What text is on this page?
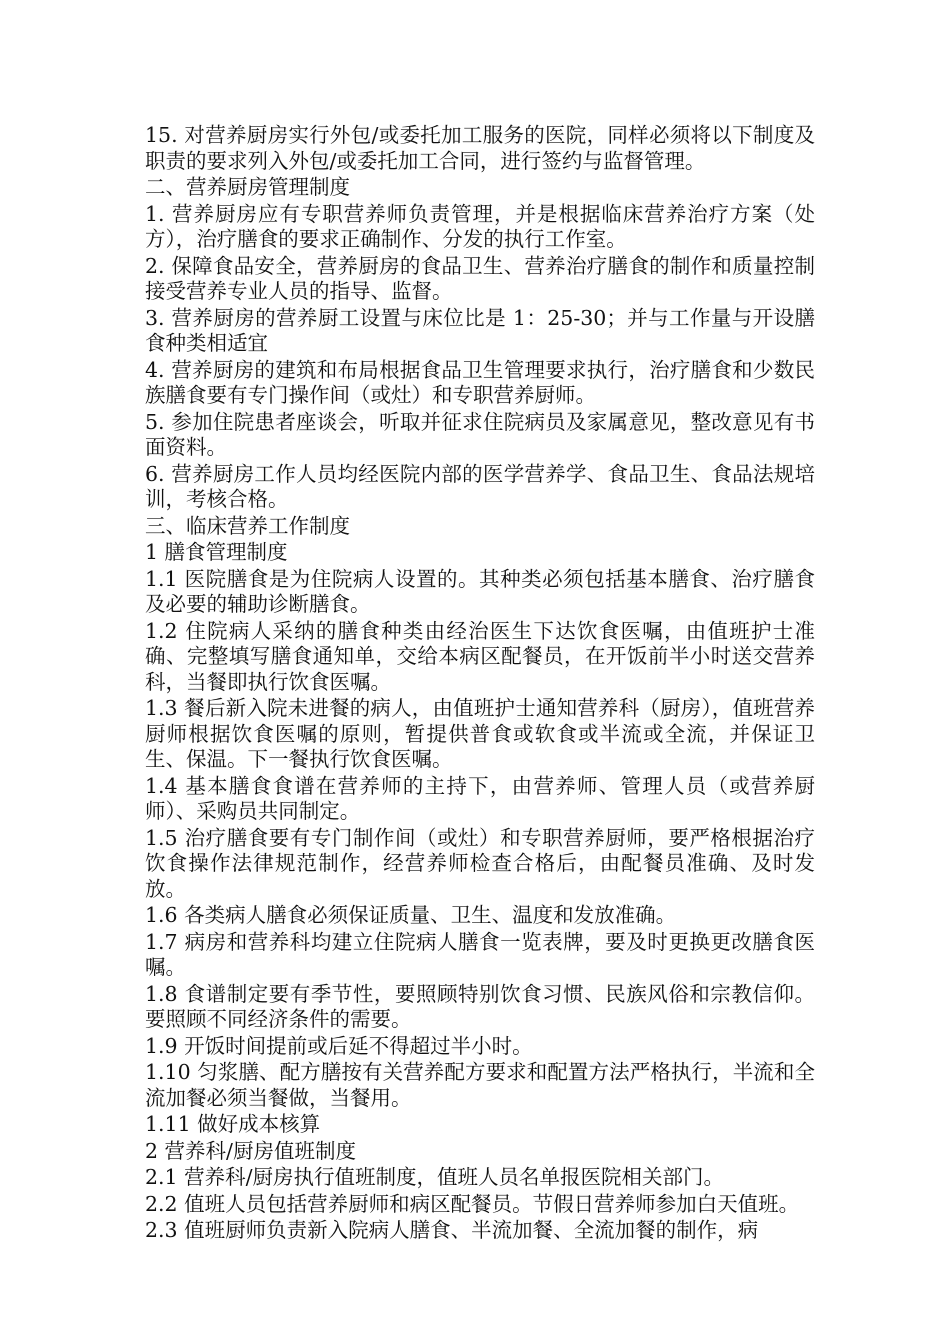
15. 对营养厨房实行外包/或委托加工服务的医院，同样必须将以下制度及职责的要求列入外包/或委托加工合同，进行签约与监督管理。

二、营养厨房管理制度

1. 营养厨房应有专职营养师负责管理，并是根据临床营养治疗方案（处方），治疗膳食的要求正确制作、分发的执行工作室。

2. 保障食品安全，营养厨房的食品卫生、营养治疗膳食的制作和质量控制接受营养专业人员的指导、监督。

3. 营养厨房的营养厨工设置与床位比是 1：25-30；并与工作量与开设膳食种类相适宜

4. 营养厨房的建筑和布局根据食品卫生管理要求执行，治疗膳食和少数民族膳食要有专门操作间（或灶）和专职营养厨师。

5. 参加住院患者座谈会，听取并征求住院病员及家属意见，整改意见有书面资料。

6. 营养厨房工作人员均经医院内部的医学营养学、食品卫生、食品法规培训，考核合格。

三、临床营养工作制度

1 膳食管理制度

1.1 医院膳食是为住院病人设置的。其种类必须包括基本膳食、治疗膳食及必要的辅助诊断膳食。

1.2 住院病人采纳的膳食种类由经治医生下达饮食医嘱，由值班护士准确、完整填写膳食通知单，交给本病区配餐员，在开饭前半小时送交营养科，当餐即执行饮食医嘱。

1.3 餐后新入院未进餐的病人，由值班护士通知营养科（厨房），值班营养厨师根据饮食医嘱的原则，暂提供普食或软食或半流或全流，并保证卫生、保温。下一餐执行饮食医嘱。

1.4 基本膳食食谱在营养师的主持下，由营养师、管理人员（或营养厨师）、采购员共同制定。

1.5 治疗膳食要有专门制作间（或灶）和专职营养厨师，要严格根据治疗饮食操作法律规范制作，经营养师检查合格后，由配餐员准确、及时发放。

1.6 各类病人膳食必须保证质量、卫生、温度和发放准确。

1.7 病房和营养科均建立住院病人膳食一览表牌，要及时更换更改膳食医嘱。

1.8 食谱制定要有季节性，要照顾特别饮食习惯、民族风俗和宗教信仰。要照顾不同经济条件的需要。

1.9 开饭时间提前或后延不得超过半小时。

1.10 匀浆膳、配方膳按有关营养配方要求和配置方法严格执行，半流和全流加餐必须当餐做，当餐用。

1.11 做好成本核算

2 营养科/厨房值班制度

2.1 营养科/厨房执行值班制度，值班人员名单报医院相关部门。

2.2 值班人员包括营养厨师和病区配餐员。节假日营养师参加白天值班。

2.3 值班厨师负责新入院病人膳食、半流加餐、全流加餐的制作，病
